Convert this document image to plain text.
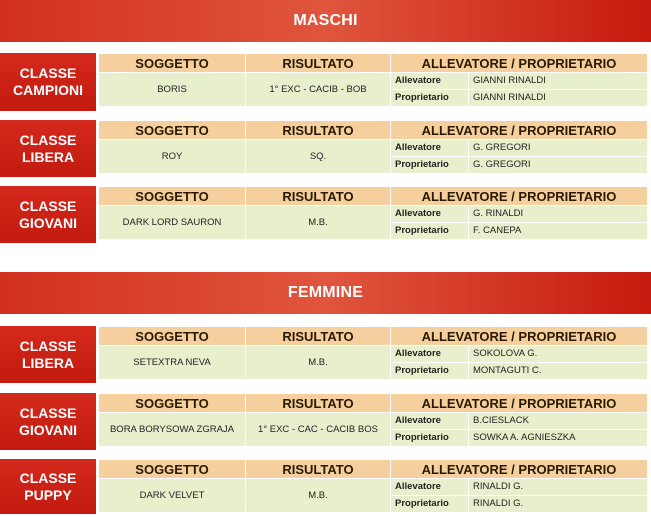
MASCHI
CLASSE
CAMPIONI
SOGGETTO	RISULTATO	ALLEVATORE / PROPRIETARIO	
BORIS	1° EXC - CACIB - BOB	Allevatore	GIANNI RINALDI
		Proprietario	GIANNI RINALDI
CLASSE
LIBERA
SOGGETTO	RISULTATO	ALLEVATORE / PROPRIETARIO	
ROY	SQ.	Allevatore	G. GREGORI
		Proprietario	G. GREGORI
CLASSE
GIOVANI
SOGGETTO	RISULTATO	ALLEVATORE / PROPRIETARIO	
DARK LORD SAURON	M.B.	Allevatore	G. RINALDI
		Proprietario	F. CANEPA
FEMMINE
CLASSE
LIBERA
SOGGETTO	RISULTATO	ALLEVATORE / PROPRIETARIO	
SETEXTRA NEVA	M.B.	Allevatore	SOKOLOVA G.
		Proprietario	MONTAGUTI C.
CLASSE
GIOVANI
SOGGETTO	RISULTATO	ALLEVATORE / PROPRIETARIO	
BORA BORYSOWA ZGRAJA	1° EXC - CAC - CACIB BOS	Allevatore	B.CIESLACK
		Proprietario	SOWKA A. AGNIESZKA
CLASSE
PUPPY
SOGGETTO	RISULTATO	ALLEVATORE / PROPRIETARIO	
DARK VELVET	M.B.	Allevatore	RINALDI G.
		Proprietario	RINALDI G.
